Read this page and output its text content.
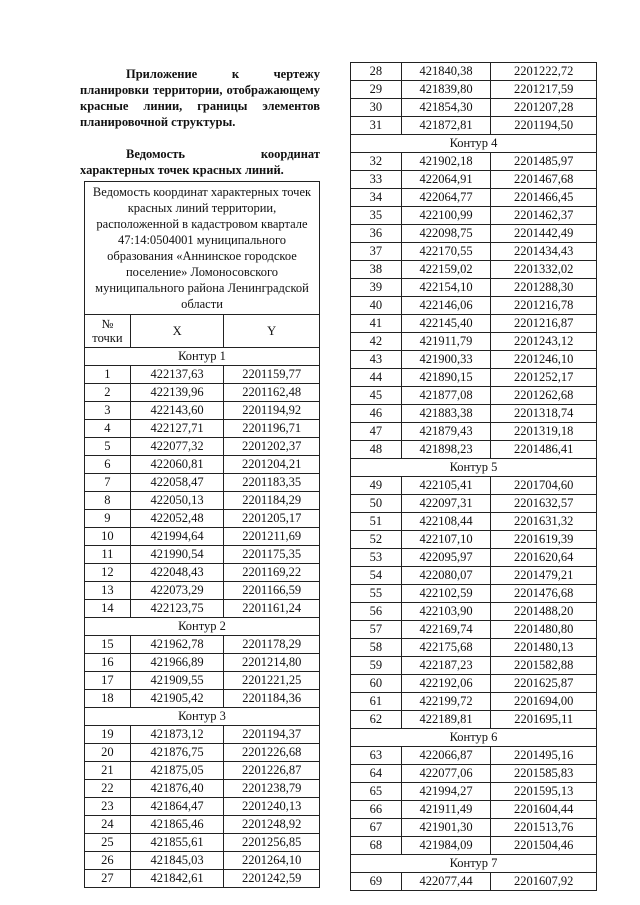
Приложение к чертежу планировки территории, отображающему красные линии, границы элементов планировочной структуры.

Ведомость координат характерных точек красных линий.

Ведомость координат характерных точек красных линий территории, расположенной в кадастровом квартале 47:14:0504001 муниципального образования «Аннинское городское поселение» Ломоносовского муниципального района Ленинградской области		
№ точки	X	Y
Контур 1		
1	422137,63	2201159,77
2	422139,96	2201162,48
3	422143,60	2201194,92
4	422127,71	2201196,71
5	422077,32	2201202,37
6	422060,81	2201204,21
7	422058,47	2201183,35
8	422050,13	2201184,29
9	422052,48	2201205,17
10	421994,64	2201211,69
11	421990,54	2201175,35
12	422048,43	2201169,22
13	422073,29	2201166,59
14	422123,75	2201161,24
Контур 2		
15	421962,78	2201178,29
16	421966,89	2201214,80
17	421909,55	2201221,25
18	421905,42	2201184,36
Контур 3		
19	421873,12	2201194,37
20	421876,75	2201226,68
21	421875,05	2201226,87
22	421876,40	2201238,79
23	421864,47	2201240,13
24	421865,46	2201248,92
25	421855,61	2201256,85
26	421845,03	2201264,10
27	421842,61	2201242,59
28	421840,38	2201222,72
29	421839,80	2201217,59
30	421854,30	2201207,28
31	421872,81	2201194,50
Контур 4		
32	421902,18	2201485,97
33	422064,91	2201467,68
34	422064,77	2201466,45
35	422100,99	2201462,37
36	422098,75	2201442,49
37	422170,55	2201434,43
38	422159,02	2201332,02
39	422154,10	2201288,30
40	422146,06	2201216,78
41	422145,40	2201216,87
42	421911,79	2201243,12
43	421900,33	2201246,10
44	421890,15	2201252,17
45	421877,08	2201262,68
46	421883,38	2201318,74
47	421879,43	2201319,18
48	421898,23	2201486,41
Контур 5		
49	422105,41	2201704,60
50	422097,31	2201632,57
51	422108,44	2201631,32
52	422107,10	2201619,39
53	422095,97	2201620,64
54	422080,07	2201479,21
55	422102,59	2201476,68
56	422103,90	2201488,20
57	422169,74	2201480,80
58	422175,68	2201480,13
59	422187,23	2201582,88
60	422192,06	2201625,87
61	422199,72	2201694,00
62	422189,81	2201695,11
Контур 6		
63	422066,87	2201495,16
64	422077,06	2201585,83
65	421994,27	2201595,13
66	421911,49	2201604,44
67	421901,30	2201513,76
68	421984,09	2201504,46
Контур 7		
69	422077,44	2201607,92
